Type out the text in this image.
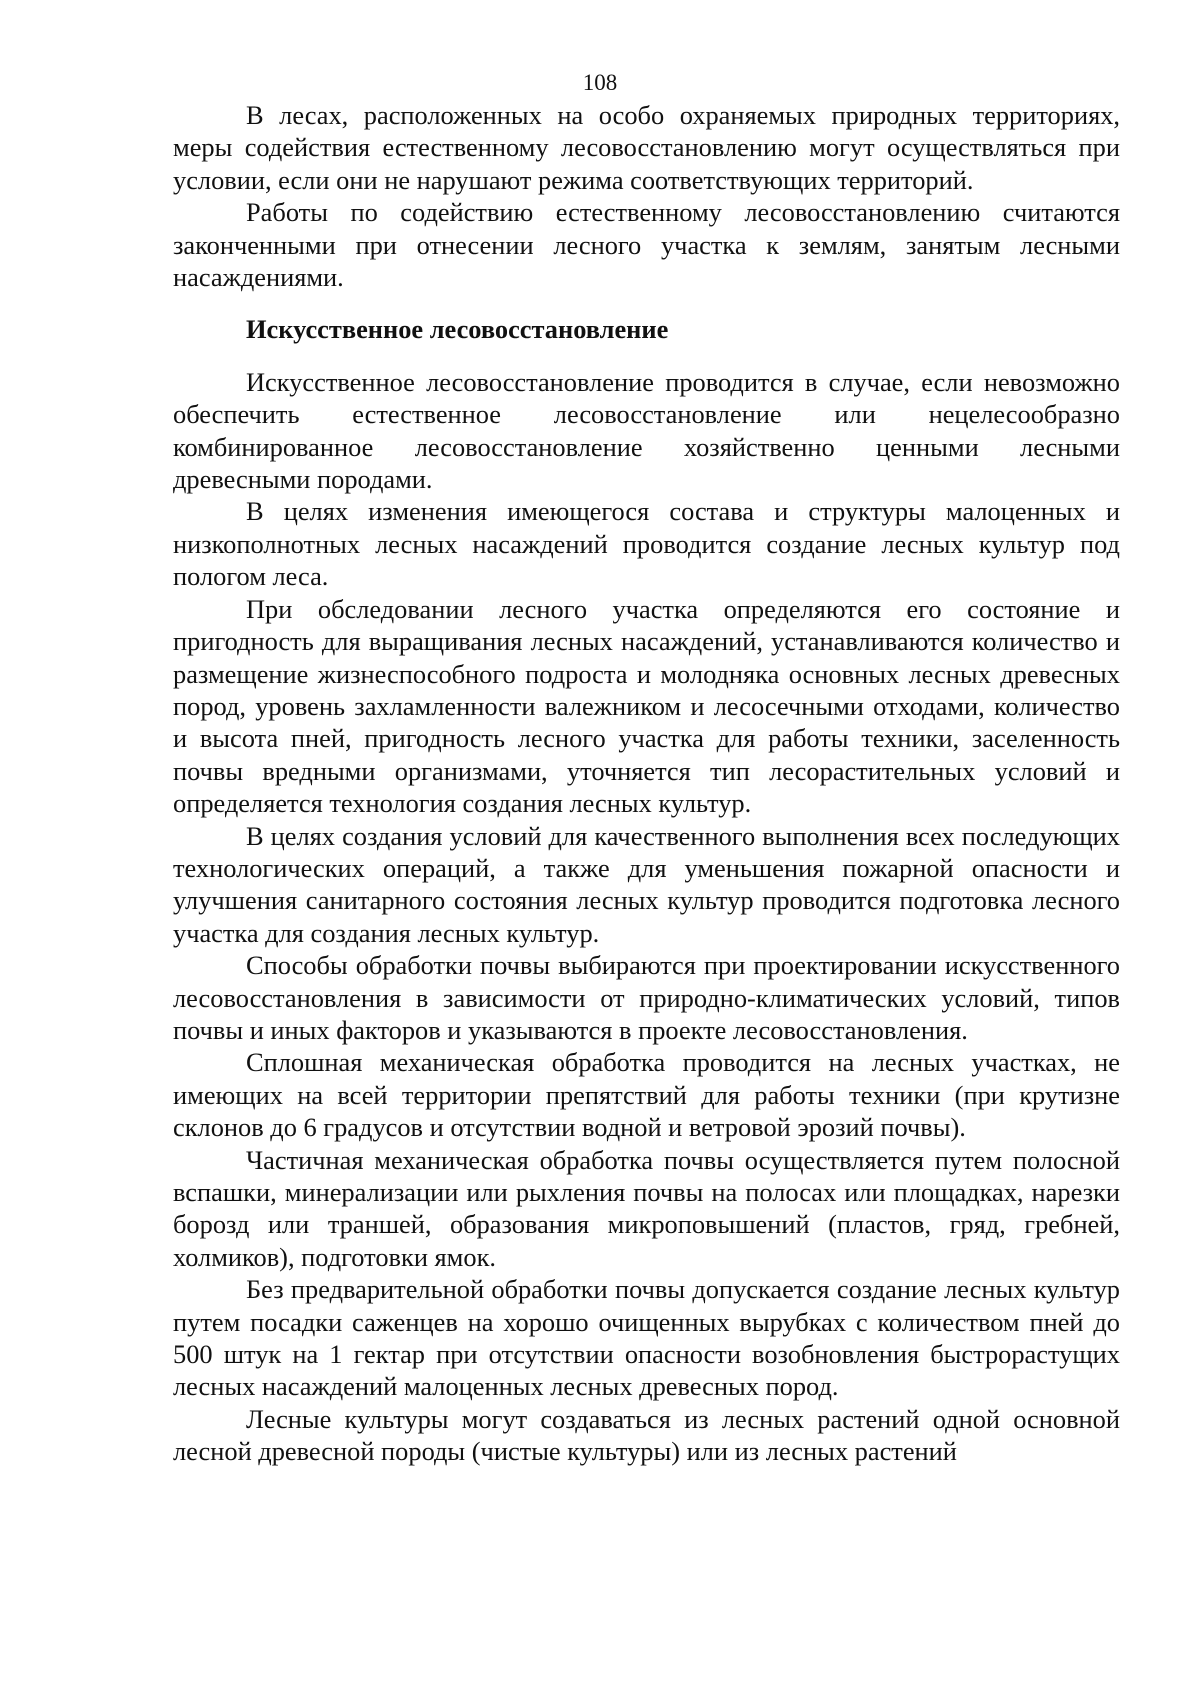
108

В лесах, расположенных на особо охраняемых природных территориях, меры содействия естественному лесовосстановлению могут осуществляться при условии, если они не нарушают режима соответствующих территорий.

Работы по содействию естественному лесовосстановлению считаются законченными при отнесении лесного участка к землям, занятым лесными насаждениями.

Искусственное лесовосстановление

Искусственное лесовосстановление проводится в случае, если невозможно обеспечить естественное лесовосстановление или нецелесообразно комбинированное лесовосстановление хозяйственно ценными лесными древесными породами.

В целях изменения имеющегося состава и структуры малоценных и низкополнотных лесных насаждений проводится создание лесных культур под пологом леса.

При обследовании лесного участка определяются его состояние и пригодность для выращивания лесных насаждений, устанавливаются количество и размещение жизнеспособного подроста и молодняка основных лесных древесных пород, уровень захламленности валежником и лесосечными отходами, количество и высота пней, пригодность лесного участка для работы техники, заселенность почвы вредными организмами, уточняется тип лесорастительных условий и определяется технология создания лесных культур.

В целях создания условий для качественного выполнения всех последующих технологических операций, а также для уменьшения пожарной опасности и улучшения санитарного состояния лесных культур проводится подготовка лесного участка для создания лесных культур.

Способы обработки почвы выбираются при проектировании искусственного лесовосстановления в зависимости от природно-климатических условий, типов почвы и иных факторов и указываются в проекте лесовосстановления.

Сплошная механическая обработка проводится на лесных участках, не имеющих на всей территории препятствий для работы техники (при крутизне склонов до 6 градусов и отсутствии водной и ветровой эрозий почвы).

Частичная механическая обработка почвы осуществляется путем полосной вспашки, минерализации или рыхления почвы на полосах или площадках, нарезки борозд или траншей, образования микроповышений (пластов, гряд, гребней, холмиков), подготовки ямок.

Без предварительной обработки почвы допускается создание лесных культур путем посадки саженцев на хорошо очищенных вырубках с количеством пней до 500 штук на 1 гектар при отсутствии опасности возобновления быстрорастущих лесных насаждений малоценных лесных древесных пород.

Лесные культуры могут создаваться из лесных растений одной основной лесной древесной породы (чистые культуры) или из лесных растений
